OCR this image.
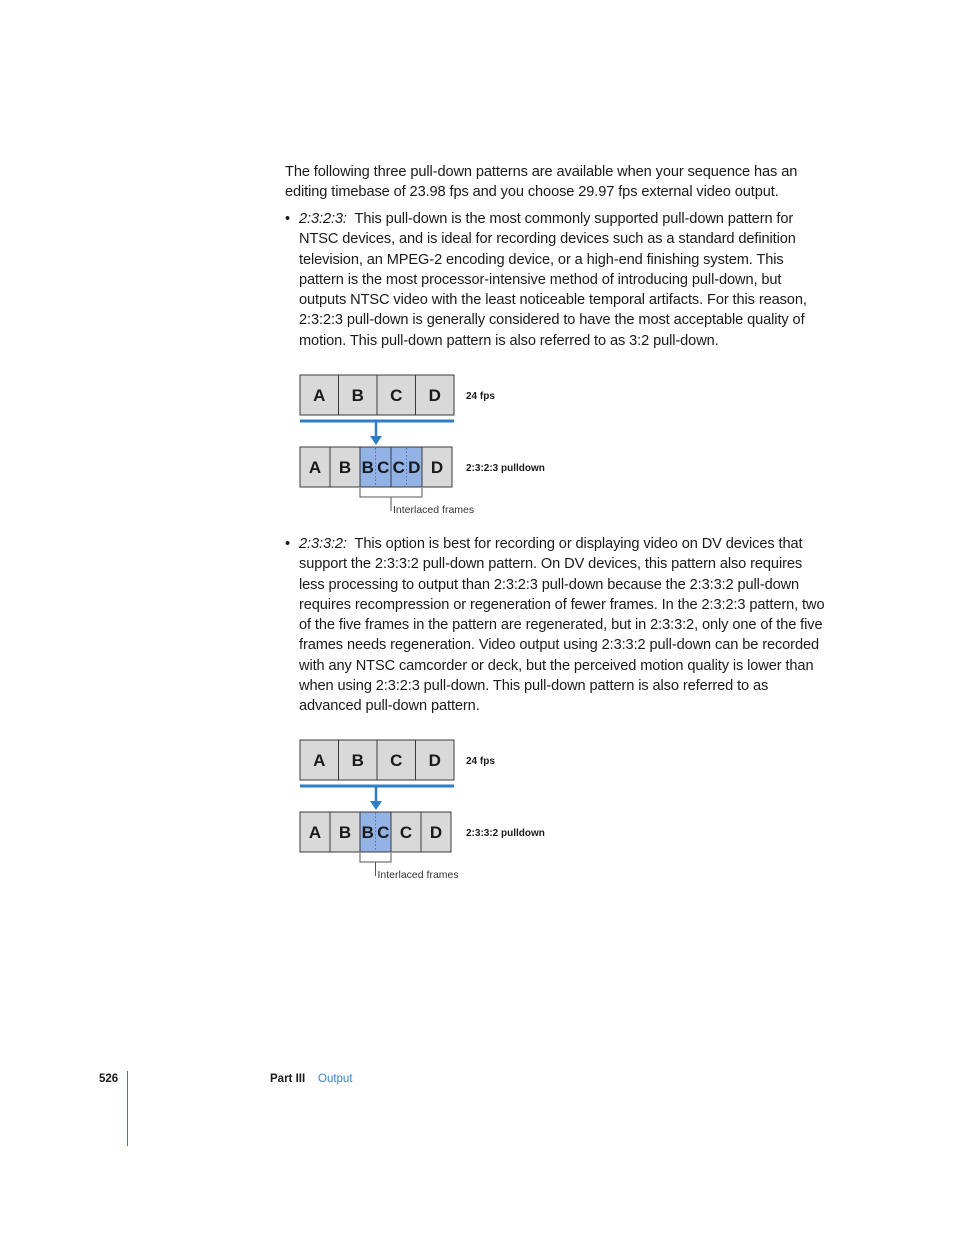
The following three pull-down patterns are available when your sequence has an editing timebase of 23.98 fps and you choose 29.97 fps external video output.

• 2:3:2:3: This pull-down is the most commonly supported pull-down pattern for NTSC devices, and is ideal for recording devices such as a standard definition television, an MPEG-2 encoding device, or a high-end finishing system. This pattern is the most processor-intensive method of introducing pull-down, but outputs NTSC video with the least noticeable temporal artifacts. For this reason, 2:3:2:3 pull-down is generally considered to have the most acceptable quality of motion. This pull-down pattern is also referred to as 3:2 pull-down.

A B C D	24 fps
A B B C C D D 2:3:2:3 pulldown
Interlaced frames
• 2:3:3:2: This option is best for recording or displaying video on DV devices that support the 2:3:3:2 pull-down pattern. On DV devices, this pattern also requires less processing to output than 2:3:2:3 pull-down because the 2:3:3:2 pull-down requires recompression or regeneration of fewer frames. In the 2:3:2:3 pattern, two of the five frames in the pattern are regenerated, but in 2:3:3:2, only one of the five frames needs regeneration. Video output using 2:3:3:2 pull-down can be recorded with any NTSC camcorder or deck, but the perceived motion quality is lower than when using 2:3:2:3 pull-down. This pull-down pattern is also referred to as advanced pull-down pattern.

A B C D	24 fps
A B B C C D 2:3:3:2 pulldown
Interlaced frames
526	Part III Output
